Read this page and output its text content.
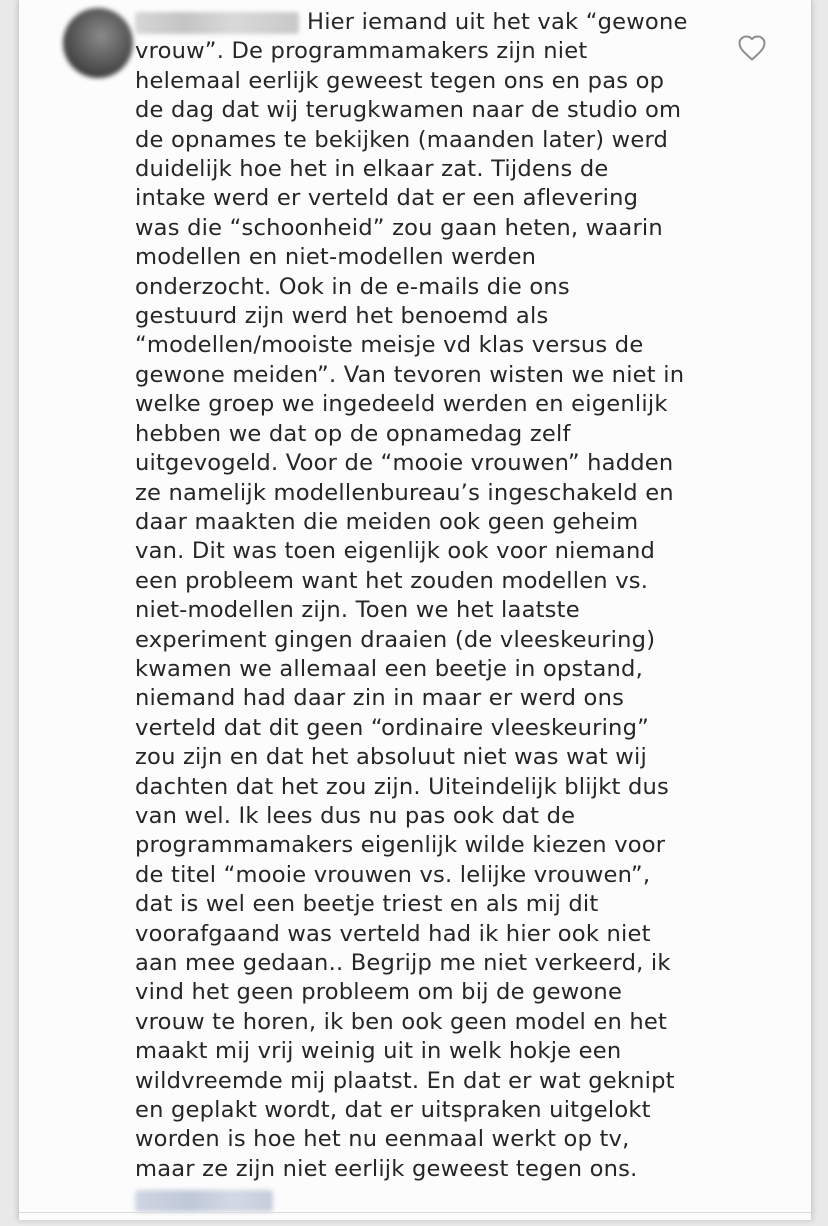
Hier iemand uit het vak “gewone
vrouw”. De programmamakers zijn niet
helemaal eerlijk geweest tegen ons en pas op
de dag dat wij terugkwamen naar de studio om
de opnames te bekijken (maanden later) werd
duidelijk hoe het in elkaar zat. Tijdens de
intake werd er verteld dat er een aflevering
was die “schoonheid” zou gaan heten, waarin
modellen en niet-modellen werden
onderzocht. Ook in de e-mails die ons
gestuurd zijn werd het benoemd als
“modellen/mooiste meisje vd klas versus de
gewone meiden”. Van tevoren wisten we niet in
welke groep we ingedeeld werden en eigenlijk
hebben we dat op de opnamedag zelf
uitgevogeld. Voor de “mooie vrouwen” hadden
ze namelijk modellenbureau’s ingeschakeld en
daar maakten die meiden ook geen geheim
van. Dit was toen eigenlijk ook voor niemand
een probleem want het zouden modellen vs.
niet-modellen zijn. Toen we het laatste
experiment gingen draaien (de vleeskeuring)
kwamen we allemaal een beetje in opstand,
niemand had daar zin in maar er werd ons
verteld dat dit geen “ordinaire vleeskeuring”
zou zijn en dat het absoluut niet was wat wij
dachten dat het zou zijn. Uiteindelijk blijkt dus
van wel. Ik lees dus nu pas ook dat de
programmamakers eigenlijk wilde kiezen voor
de titel “mooie vrouwen vs. lelijke vrouwen”,
dat is wel een beetje triest en als mij dit
voorafgaand was verteld had ik hier ook niet
aan mee gedaan.. Begrijp me niet verkeerd, ik
vind het geen probleem om bij de gewone
vrouw te horen, ik ben ook geen model en het
maakt mij vrij weinig uit in welk hokje een
wildvreemde mij plaatst. En dat er wat geknipt
en geplakt wordt, dat er uitspraken uitgelokt
worden is hoe het nu eenmaal werkt op tv,
maar ze zijn niet eerlijk geweest tegen ons.
